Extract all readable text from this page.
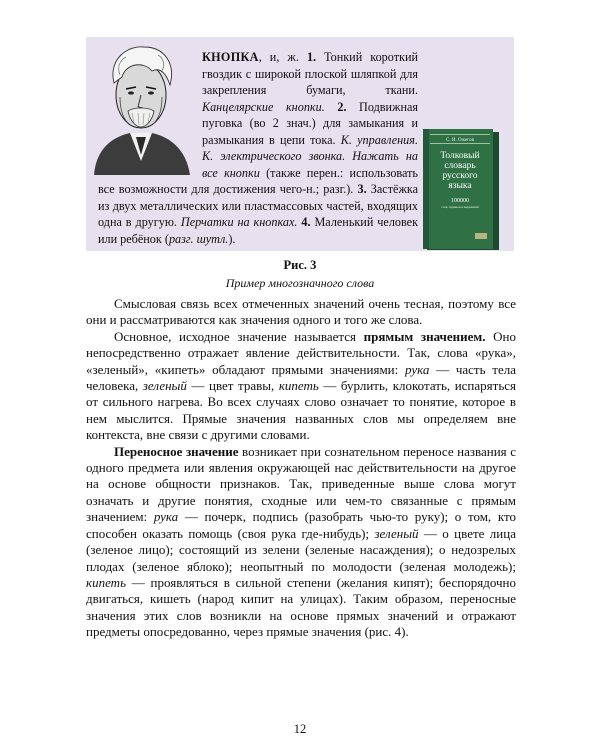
С. И. Ожегов
Толковый
словарь
русского
языка
100000
слов, терминов и выражений
КНОПКА, и, ж. 1. Тонкий короткий гвоздик с широкой плоской шляпкой для закрепления бумаги, ткани. Канцелярские кнопки. 2. Подвижная пуговка (во 2 знач.) для замыкания и размыкания в цепи тока. К. управления. К. электрического звонка. Нажать на все кнопки (также перен.: использовать все возможности для достижения чего-н.; разг.). 3. Застёжка из двух металлических или пластмассовых частей, входящих одна в другую. Перчатки на кнопках. 4. Маленький человек или ребёнок (разг. шутл.).
Рис. 3
Пример многозначного слова

Смысловая связь всех отмеченных значений очень тесная, поэтому все они и рассматриваются как значения одного и того же слова.

Основное, исходное значение называется прямым значением. Оно непосредственно отражает явление действительности. Так, слова «рука», «зеленый», «кипеть» обладают прямыми значениями: рука — часть тела человека, зеленый — цвет травы, кипеть — бурлить, клокотать, испаряться от сильного нагрева. Во всех случаях слово означает то понятие, которое в нем мыслится. Прямые значения названных слов мы определяем вне контекста, вне связи с другими словами.

Переносное значение возникает при сознательном переносе названия с одного предмета или явления окружающей нас действительности на другое на основе общности признаков. Так, приведенные выше слова могут означать и другие понятия, сходные или чем-то связанные с прямым значением: рука — почерк, подпись (разобрать чью-то руку); о том, кто способен оказать помощь (своя рука где-нибудь); зеленый — о цвете лица (зеленое лицо); состоящий из зелени (зеленые насаждения); о недозрелых плодах (зеленое яблоко); неопытный по молодости (зеленая молодежь); кипеть — проявляться в сильной степени (желания кипят); беспорядочно двигаться, кишеть (народ кипит на улицах). Таким образом, переносные значения этих слов возникли на основе прямых значений и отражают предметы опосредованно, через прямые значения (рис. 4).

12
